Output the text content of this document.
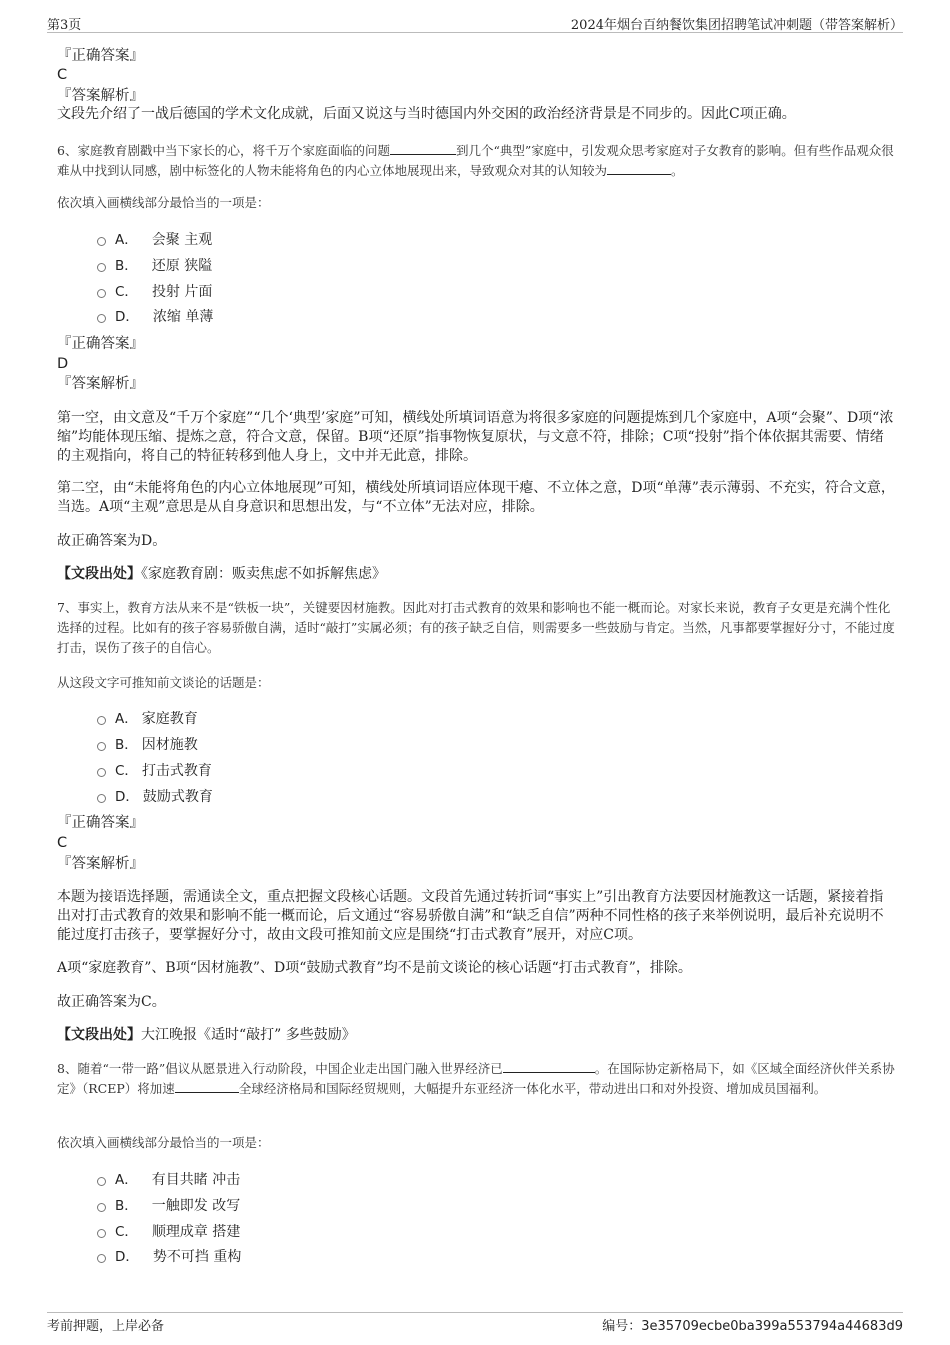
第3页	2024年烟台百纳餐饮集团招聘笔试冲刺题（带答案解析）
『正确答案』
C
『答案解析』
文段先介绍了一战后德国的学术文化成就，后面又说这与当时德国内外交困的政治经济背景是不同步的。因此C项正确。
6、家庭教育剧戳中当下家长的心，将千万个家庭面临的问题	到几个“典型”家庭中，引发观众思考家庭对子女教育的影响。但有些作品观众很难从中找到认同感，剧中标签化的人物未能将角色的内心立体地展现出来，导致观众对其的认知较为	。
依次填入画横线部分最恰当的一项是：
A． 会聚 主观
B． 还原 狭隘
C． 投射 片面
D． 浓缩 单薄
『正确答案』
D
『答案解析』
第一空，由文意及“千万个家庭”“几个‘典型’家庭”可知，横线处所填词语意为将很多家庭的问题提炼到几个家庭中，A项“会聚”、D项“浓缩”均能体现压缩、提炼之意，符合文意，保留。B项“还原”指事物恢复原状，与文意不符，排除；C项“投射”指个体依据其需要、情绪的主观指向，将自己的特征转移到他人身上，文中并无此意，排除。
第二空，由“未能将角色的内心立体地展现”可知，横线处所填词语应体现干瘪、不立体之意，D项“单薄”表示薄弱、不充实，符合文意，当选。A项“主观”意思是从自身意识和思想出发，与“不立体”无法对应，排除。
故正确答案为D。
【文段出处】《家庭教育剧：贩卖焦虑不如拆解焦虑》
7、事实上，教育方法从来不是“铁板一块”，关键要因材施教。因此对打击式教育的效果和影响也不能一概而论。对家长来说，教育子女更是充满个性化选择的过程。比如有的孩子容易骄傲自满，适时“敲打”实属必须；有的孩子缺乏自信，则需要多一些鼓励与肯定。当然，凡事都要掌握好分寸，不能过度打击，误伤了孩子的自信心。
从这段文字可推知前文谈论的话题是：
A． 家庭教育
B． 因材施教
C． 打击式教育
D． 鼓励式教育
『正确答案』
C
『答案解析』
本题为接语选择题，需通读全文，重点把握文段核心话题。文段首先通过转折词“事实上”引出教育方法要因材施教这一话题，紧接着指出对打击式教育的效果和影响不能一概而论，后文通过“容易骄傲自满”和“缺乏自信”两种不同性格的孩子来举例说明，最后补充说明不能过度打击孩子，要掌握好分寸，故由文段可推知前文应是围绕“打击式教育”展开，对应C项。
A项“家庭教育”、B项“因材施教”、D项“鼓励式教育”均不是前文谈论的核心话题“打击式教育”，排除。
故正确答案为C。
【文段出处】大江晚报《适时“敲打” 多些鼓励》
8、随着“一带一路”倡议从愿景进入行动阶段，中国企业走出国门融入世界经济已	。在国际协定新格局下，如《区域全面经济伙伴关系协定》（RCEP）将加速	全球经济格局和国际经贸规则，大幅提升东亚经济一体化水平，带动进出口和对外投资、增加成员国福利。
依次填入画横线部分最恰当的一项是：
A． 有目共睹 冲击
B． 一触即发 改写
C． 顺理成章 搭建
D． 势不可挡 重构
考前押题，上岸必备	编号：3e35709ecbe0ba399a553794a44683d9
